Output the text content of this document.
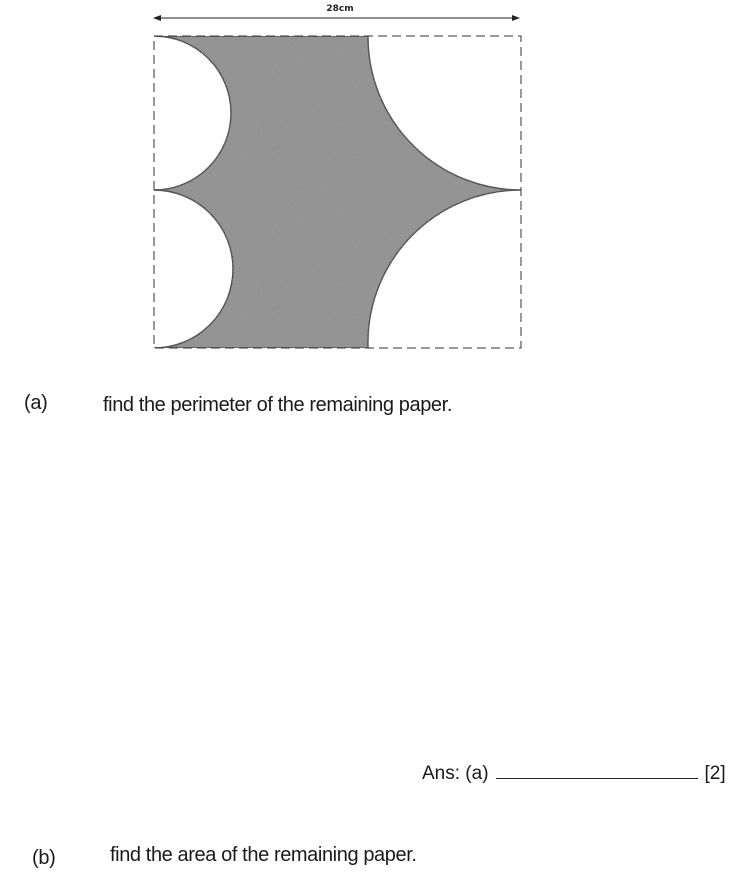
28cm
(a)	find the perimeter of the remaining paper.
Ans: (a)	[2]
(b)	find the area of the remaining paper.
